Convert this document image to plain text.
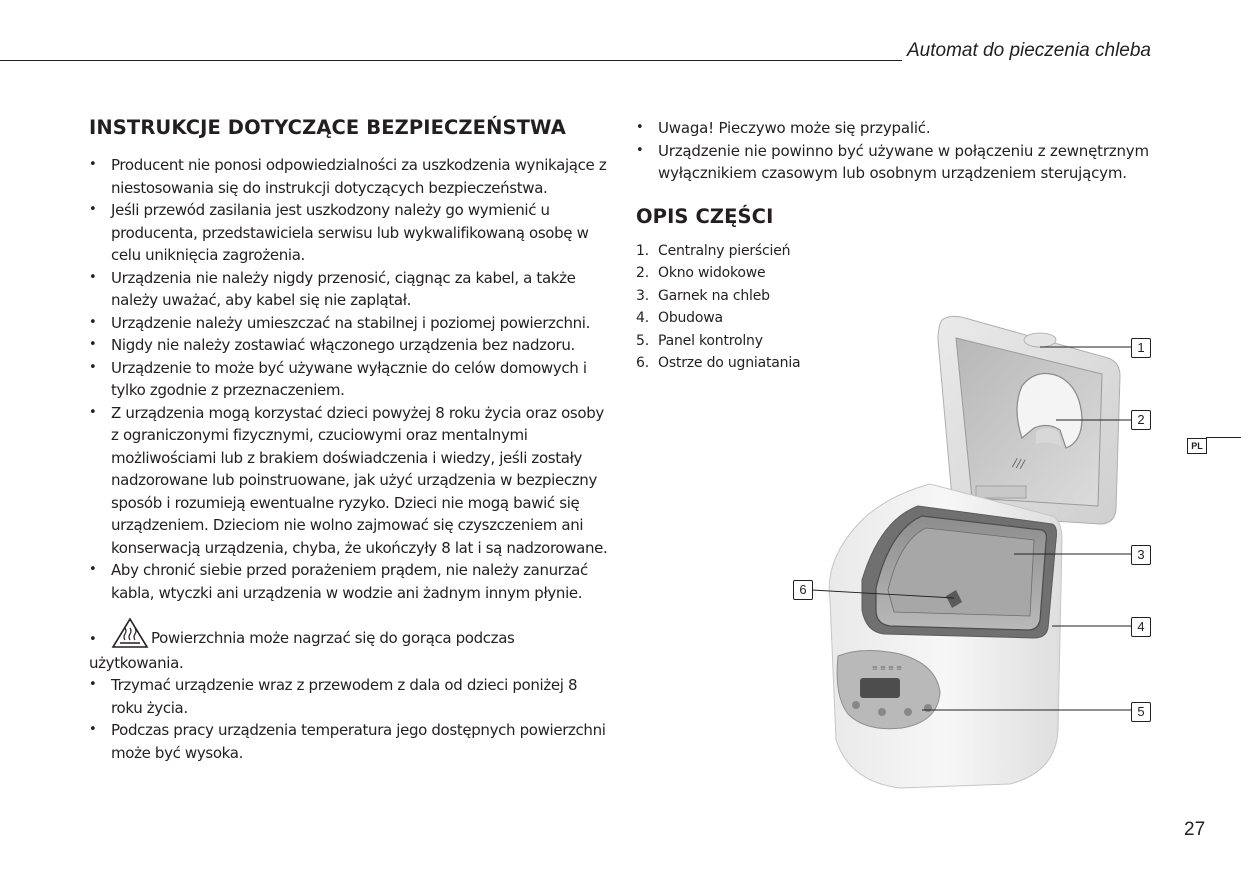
Automat do pieczenia chleba
INSTRUKCJE DOTYCZĄCE BEZPIECZEŃSTWA
• Producent nie ponosi odpowiedzialności za uszkodzenia wynikające z niestosowania się do instrukcji dotyczących bezpieczeństwa.
• Jeśli przewód zasilania jest uszkodzony należy go wymienić u producenta, przedstawiciela serwisu lub wykwalifikowaną osobę w celu uniknięcia zagrożenia.
• Urządzenia nie należy nigdy przenosić, ciągnąc za kabel, a także należy uważać, aby kabel się nie zaplątał.
• Urządzenie należy umieszczać na stabilnej i poziomej powierzchni.
• Nigdy nie należy zostawiać włączonego urządzenia bez nadzoru.
• Urządzenie to może być używane wyłącznie do celów domowych i tylko zgodnie z przeznaczeniem.
• Z urządzenia mogą korzystać dzieci powyżej 8 roku życia oraz osoby z ograniczonymi fizycznymi, czuciowymi oraz mentalnymi możliwościami lub z brakiem doświadczenia i wiedzy, jeśli zostały nadzorowane lub poinstruowane, jak użyć urządzenia w bezpieczny sposób i rozumieją ewentualne ryzyko. Dzieci nie mogą bawić się urządzeniem. Dzieciom nie wolno zajmować się czyszczeniem ani konserwacją urządzenia, chyba, że ukończyły 8 lat i są nadzorowane.
• Aby chronić siebie przed porażeniem prądem, nie należy zanurzać kabla, wtyczki ani urządzenia w wodzie ani żadnym innym płynie.
•	Powierzchnia może nagrzać się do gorąca podczas użytkowania.
• Trzymać urządzenie wraz z przewodem z dala od dzieci poniżej 8 roku życia.
• Podczas pracy urządzenia temperatura jego dostępnych powierzchni może być wysoka.
• Uwaga! Pieczywo może się przypalić.
• Urządzenie nie powinno być używane w połączeniu z zewnętrznym wyłącznikiem czasowym lub osobnym urządzeniem sterującym.
OPIS CZĘŚCI
1. Centralny pierścień
2. Okno widokowe
3. Garnek na chleb
4. Obudowa
5. Panel kontrolny
6. Ostrze do ugniatania
///
≡ ≡ ≡ ≡
1
2
3
4
5
6
PL
27
